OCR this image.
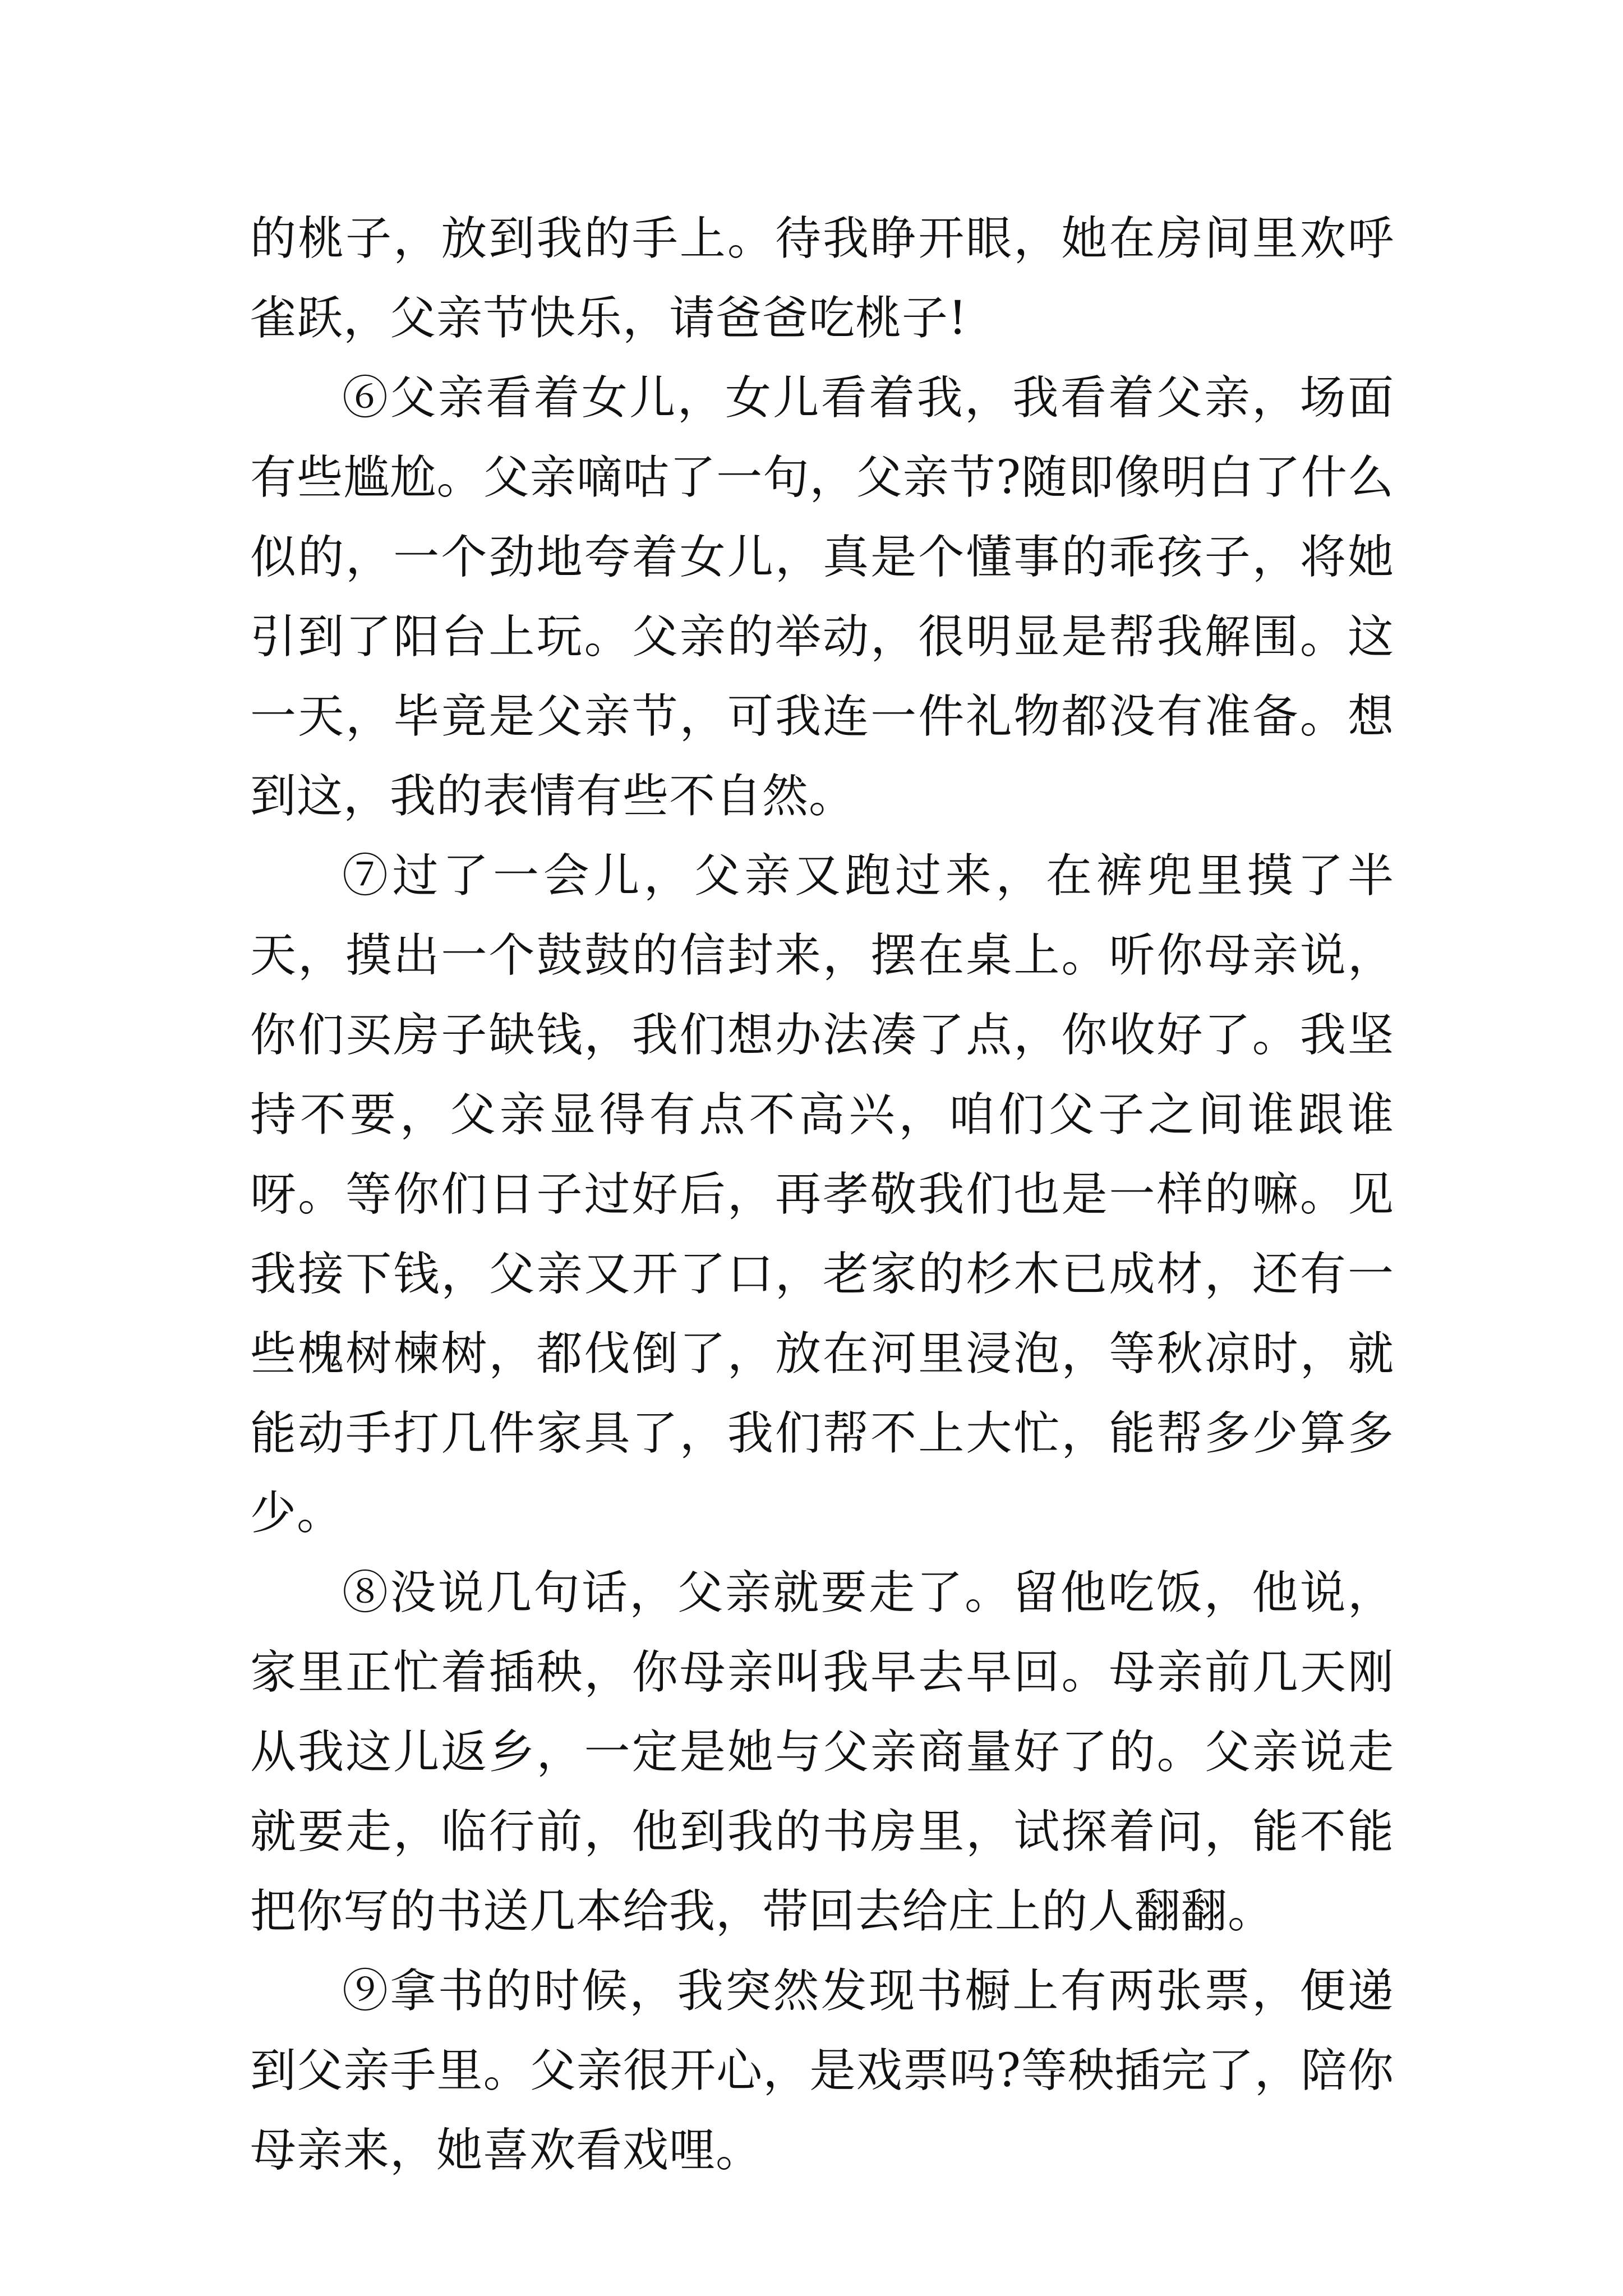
的桃子，放到我的手上。待我睁开眼，她在房间里欢呼雀跃，父亲节快乐，请爸爸吃桃子!

⑥父亲看着女儿，女儿看着我，我看着父亲，场面有些尴尬。父亲嘀咕了一句，父亲节?随即像明白了什么似的，一个劲地夸着女儿，真是个懂事的乖孩子，将她引到了阳台上玩。父亲的举动，很明显是帮我解围。这一天，毕竟是父亲节，可我连一件礼物都没有准备。想到这，我的表情有些不自然。

⑦过了一会儿，父亲又跑过来，在裤兜里摸了半天，摸出一个鼓鼓的信封来，摆在桌上。听你母亲说，你们买房子缺钱，我们想办法凑了点，你收好了。我坚持不要，父亲显得有点不高兴，咱们父子之间谁跟谁呀。等你们日子过好后，再孝敬我们也是一样的嘛。见我接下钱，父亲又开了口，老家的杉木已成材，还有一些槐树楝树，都伐倒了，放在河里浸泡，等秋凉时，就能动手打几件家具了，我们帮不上大忙，能帮多少算多少。

⑧没说几句话，父亲就要走了。留他吃饭，他说，家里正忙着插秧，你母亲叫我早去早回。母亲前几天刚从我这儿返乡，一定是她与父亲商量好了的。父亲说走就要走，临行前，他到我的书房里，试探着问，能不能把你写的书送几本给我，带回去给庄上的人翻翻。

⑨拿书的时候，我突然发现书橱上有两张票，便递到父亲手里。父亲很开心，是戏票吗?等秧插完了，陪你母亲来，她喜欢看戏哩。
